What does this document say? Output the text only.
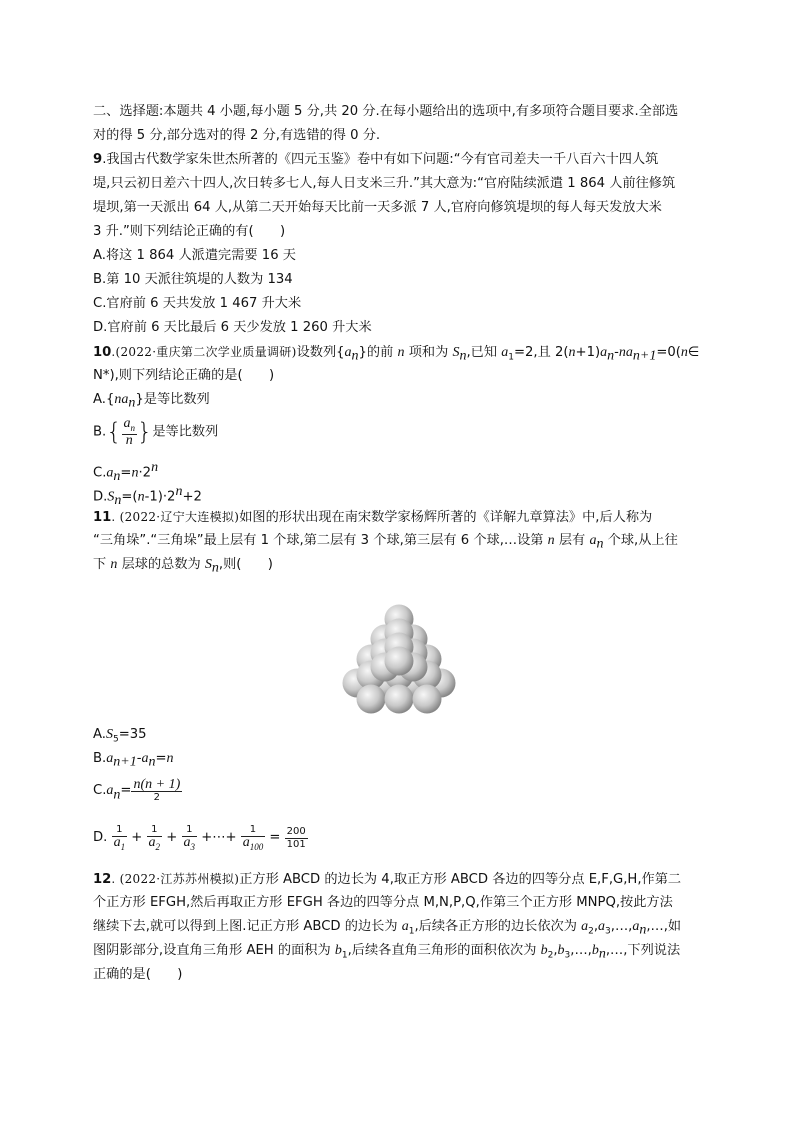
二、选择题:本题共 4 小题,每小题 5 分,共 20 分.在每小题给出的选项中,有多项符合题目要求.全部选
对的得 5 分,部分选对的得 2 分,有选错的得 0 分.
9.我国古代数学家朱世杰所著的《四元玉鉴》卷中有如下问题:“今有官司差夫一千八百六十四人筑
堤,只云初日差六十四人,次日转多七人,每人日支米三升.”其大意为:“官府陆续派遣 1 864 人前往修筑
堤坝,第一天派出 64 人,从第二天开始每天比前一天多派 7 人,官府向修筑堤坝的每人每天发放大米
3 升.”则下列结论正确的有(　　)
A.将这 1 864 人派遣完需要 16 天
B.第 10 天派往筑堤的人数为 134
C.官府前 6 天共发放 1 467 升大米
D.官府前 6 天比最后 6 天少发放 1 260 升大米
10.(2022·重庆第二次学业质量调研)设数列$\{a_n\}$的前 n 项和为 $S_n$,已知 $a_1=2$,且 $2(n+1)a_n-na_{n+1}=0(n\in$
N*),则下列结论正确的是(　　)
$A.\{na_n\}$是等比数列
$B.\{ \frac{a_n}{n}$ }是等比数列
$C.a_n=n\cdot 2^n$
$D.S_n=(n-1)\cdot 2^n+2$
11. (2022·辽宁大连模拟)如图的形状出现在南宋数学家杨辉所著的《详解九章算法》中,后人称为
“三角垛”.“三角垛”最上层有 1 个球,第二层有 3 个球,第三层有 6 个球,…设第 n 层有 $a_n$ 个球,从上往
下 n 层球的总数为 $S_n$,则(　　)
$A.S_5=35$
$B.a_{n+1}-a_n=n$
$C.a_n= \frac{n(n + 1)}{2}$
D. $\frac{1}{a_1} + \frac{1}{a_2} + \frac{1}{a_3}$ +⋯+ $\frac{1}{a_{100}} = \frac{200}{101}$
12. (2022·江苏苏州模拟)正方形 ABCD 的边长为 4,取正方形 ABCD 各边的四等分点 E,F,G,H,作第二
个正方形 EFGH,然后再取正方形 EFGH 各边的四等分点 M,N,P,Q,作第三个正方形 MNPQ,按此方法
继续下去,就可以得到上图.记正方形 ABCD 的边长为 $a_1$,后续各正方形的边长依次为 $a_2,a_3,\dots,a_n,\dots$,如
图阴影部分,设直角三角形 AEH 的面积为 $b_1$,后续各直角三角形的面积依次为 $b_2,b_3,\dots,b_n,\dots$,下列说法
正确的是(　　)
